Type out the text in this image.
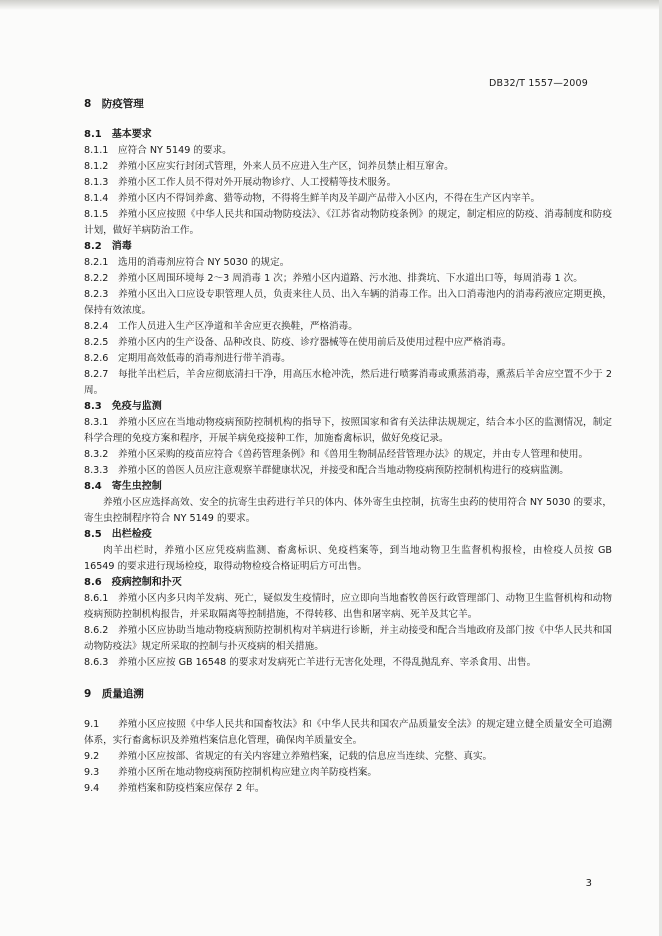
DB32/T 1557—2009
8　防疫管理
8.1　基本要求
8.1.1 应符合 NY 5149 的要求。
8.1.2 养殖小区应实行封闭式管理，外来人员不应进入生产区，饲养员禁止相互窜舍。
8.1.3 养殖小区工作人员不得对外开展动物诊疗、人工授精等技术服务。
8.1.4 养殖小区内不得饲养禽、猎等动物，不得将生鲜羊肉及羊副产品带入小区内，不得在生产区内宰羊。
8.1.5 养殖小区应按照《中华人民共和国动物防疫法》、《江苏省动物防疫条例》的规定，制定相应的防疫、消毒制度和防疫计划，做好羊病防治工作。
8.2　消毒
8.2.1 选用的消毒剂应符合 NY 5030 的规定。
8.2.2 养殖小区周围环境每 2～3 周消毒 1 次；养殖小区内道路、污水池、排粪坑、下水道出口等，每周消毒 1 次。
8.2.3 养殖小区出入口应设专职管理人员，负责来往人员、出入车辆的消毒工作。出入口消毒池内的消毒药液应定期更换，保持有效浓度。
8.2.4 工作人员进入生产区净道和羊舍应更衣换鞋，严格消毒。
8.2.5 养殖小区内的生产设备、品种改良、防疫、诊疗器械等在使用前后及使用过程中应严格消毒。
8.2.6 定期用高效低毒的消毒剂进行带羊消毒。
8.2.7 每批羊出栏后，羊舍应彻底清扫干净，用高压水枪冲洗，然后进行喷雾消毒或熏蒸消毒，熏蒸后羊舍应空置不少于 2 周。
8.3　免疫与监测
8.3.1 养殖小区应在当地动物疫病预防控制机构的指导下，按照国家和省有关法律法规规定，结合本小区的监测情况，制定科学合理的免疫方案和程序，开展羊病免疫接种工作，加施畜禽标识，做好免疫记录。
8.3.2 养殖小区采购的疫苗应符合《兽药管理条例》和《兽用生物制品经营管理办法》的规定，并由专人管理和使用。
8.3.3 养殖小区的兽医人员应注意观察羊群健康状况，并接受和配合当地动物疫病预防控制机构进行的疫病监测。
8.4　寄生虫控制
养殖小区应选择高效、安全的抗寄生虫药进行羊只的体内、体外寄生虫控制，抗寄生虫药的使用符合 NY 5030 的要求，寄生虫控制程序符合 NY 5149 的要求。
8.5　出栏检疫
肉羊出栏时，养殖小区应凭疫病监测、畜禽标识、免疫档案等，到当地动物卫生监督机构报检，由检疫人员按 GB 16549 的要求进行现场检疫，取得动物检疫合格证明后方可出售。
8.6　疫病控制和扑灭
8.6.1 养殖小区内多只肉羊发病、死亡，疑似发生疫情时，应立即向当地畜牧兽医行政管理部门、动物卫生监督机构和动物疫病预防控制机构报告，并采取隔离等控制措施，不得转移、出售和屠宰病、死羊及其它羊。
8.6.2 养殖小区应协助当地动物疫病预防控制机构对羊病进行诊断，并主动接受和配合当地政府及部门按《中华人民共和国动物防疫法》规定所采取的控制与扑灭疫病的相关措施。
8.6.3 养殖小区应按 GB 16548 的要求对发病死亡羊进行无害化处理，不得乱抛乱弃、宰杀食用、出售。
9　质量追溯
9.1 养殖小区应按照《中华人民共和国畜牧法》和《中华人民共和国农产品质量安全法》的规定建立健全质量安全可追溯体系，实行畜禽标识及养殖档案信息化管理，确保肉羊质量安全。
9.2 养殖小区应按部、省规定的有关内容建立养殖档案，记载的信息应当连续、完整、真实。
9.3 养殖小区所在地动物疫病预防控制机构应建立肉羊防疫档案。
9.4 养殖档案和防疫档案应保存 2 年。
3
